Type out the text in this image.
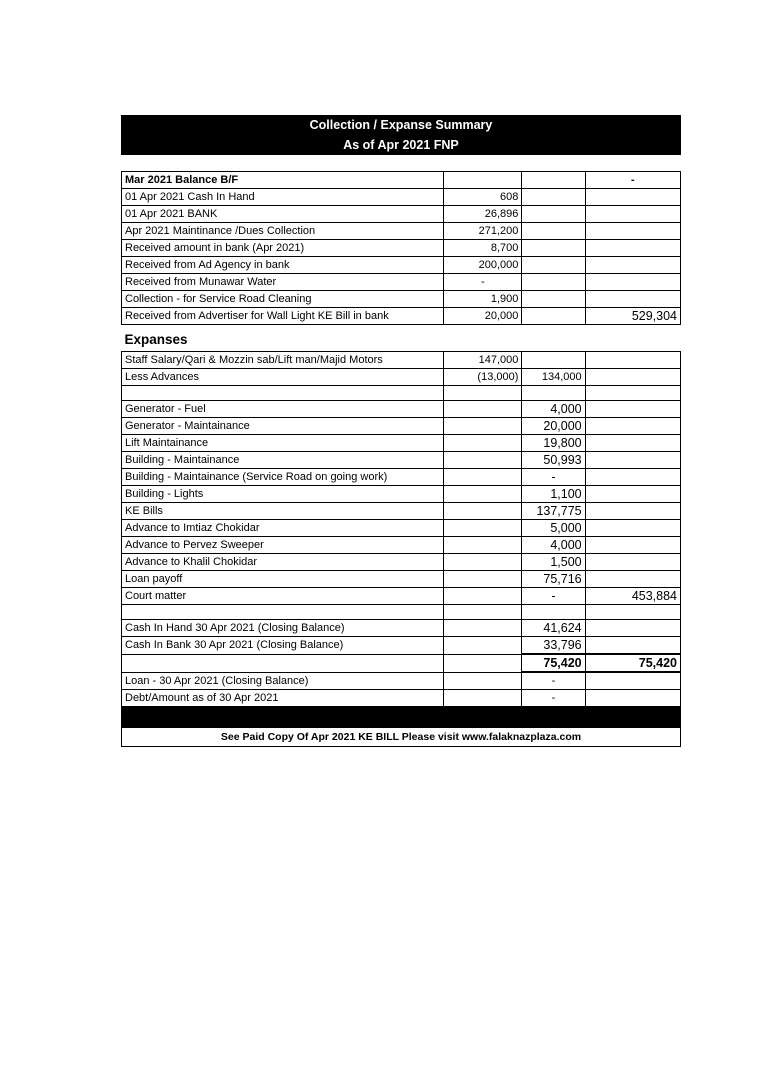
Collection / Expanse Summary
As of Apr 2021 FNP
Mar 2021 Balance B/F			-
01 Apr 2021 Cash In Hand	608		
01 Apr 2021 BANK	26,896		
Apr 2021 Maintinance /Dues Collection	271,200		
Received amount in bank (Apr 2021)	8,700		
Received from Ad Agency in bank	200,000		
Received from Munawar Water	-		
Collection - for Service Road Cleaning	1,900		
Received from Advertiser for Wall Light KE Bill in bank	20,000		529,304
Expanses			
Staff Salary/Qari & Mozzin sab/Lift man/Majid Motors	147,000		
Less Advances	(13,000)	134,000	

Generator - Fuel		4,000	
Generator - Maintainance		20,000	
Lift Maintainance		19,800	
Building - Maintainance		50,993	
Building - Maintainance (Service Road on going work)		-	
Building - Lights		1,100	
KE Bills		137,775	
Advance to Imtiaz Chokidar		5,000	
Advance to Pervez Sweeper		4,000	
Advance to Khalil Chokidar		1,500	
Loan payoff		75,716	
Court matter		-	453,884

Cash In Hand 30 Apr 2021 (Closing Balance)		41,624	
Cash In Bank 30 Apr 2021 (Closing Balance)		33,796	
		75,420	75,420
Loan - 30 Apr 2021 (Closing Balance)		-	
Debt/Amount as of 30 Apr 2021		-	

See Paid Copy Of Apr 2021 KE BILL Please visit www.falaknazplaza.com			
